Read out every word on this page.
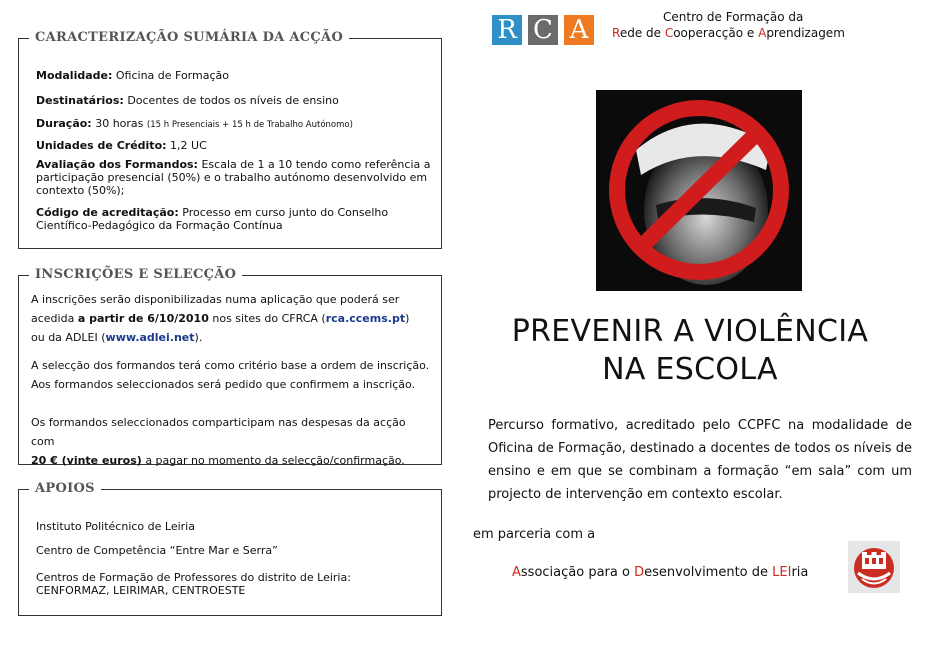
CARACTERIZAÇÃO SUMÁRIA DA ACÇÃO
Modalidade: Oficina de Formação
Destinatários: Docentes de todos os níveis de ensino
Duração: 30 horas (15 h Presenciais + 15 h de Trabalho Autónomo)
Unidades de Crédito: 1,2 UC
Avaliação dos Formandos: Escala de 1 a 10 tendo como referência a
participação presencial (50%) e o trabalho autónomo desenvolvido em
contexto (50%);
Código de acreditação: Processo em curso junto do Conselho
Científico-Pedagógico da Formação Contínua
INSCRIÇÕES E SELECÇÃO
A inscrições serão disponibilizadas numa aplicação que poderá ser
acedida a partir de 6/10/2010 nos sites do CFRCA (rca.ccems.pt)
ou da ADLEI (www.adlei.net).
A selecção dos formandos terá como critério base a ordem de inscrição.
Aos formandos seleccionados será pedido que confirmem a inscrição.
Os formandos seleccionados comparticipam nas despesas da acção com
20 € (vinte euros) a pagar no momento da selecção/confirmação.
APOIOS
Instituto Politécnico de Leiria
Centro de Competência “Entre Mar e Serra”
Centros de Formação de Professores do distrito de Leiria:
CENFORMAZ, LEIRIMAR, CENTROESTE
R C A	Centro de Formação da
Rede de Cooperacção e Aprendizagem
PREVENIR A VIOLÊNCIA
NA ESCOLA
Percurso formativo, acreditado pelo CCPFC na modalidade de Oficina de Formação, destinado a docentes de todos os níveis de ensino e em que se combinam a formação “em sala” com um projecto de intervenção em contexto escolar.
em parceria com a
Associação para o Desenvolvimento de LEIria
